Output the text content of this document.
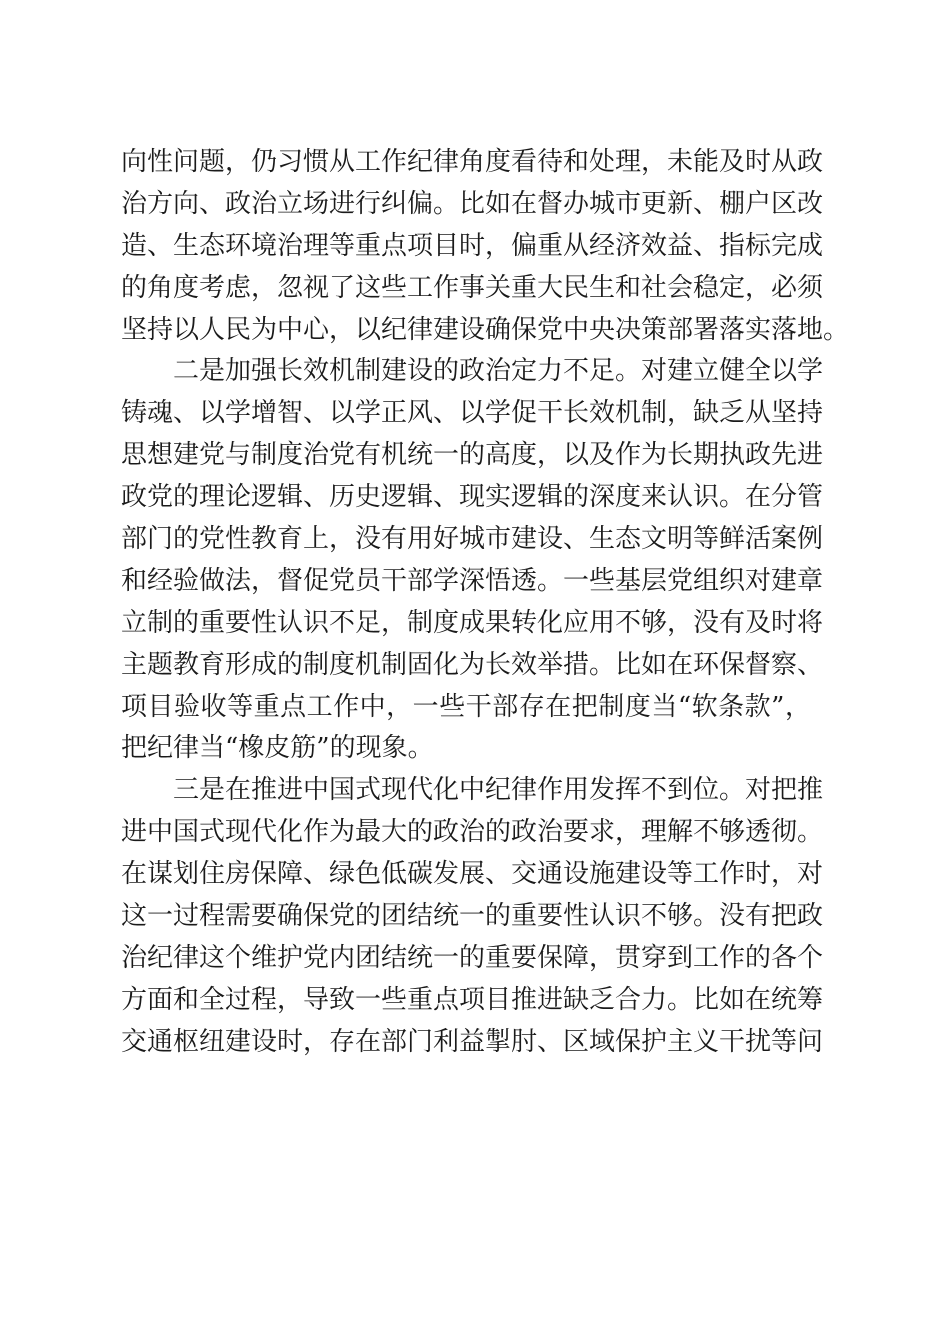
向性问题，仍习惯从工作纪律角度看待和处理，未能及时从政
治方向、政治立场进行纠偏。比如在督办城市更新、棚户区改
造、生态环境治理等重点项目时，偏重从经济效益、指标完成
的角度考虑，忽视了这些工作事关重大民生和社会稳定，必须
坚持以人民为中心，以纪律建设确保党中央决策部署落实落地。
二是加强长效机制建设的政治定力不足。对建立健全以学
铸魂、以学增智、以学正风、以学促干长效机制，缺乏从坚持
思想建党与制度治党有机统一的高度，以及作为长期执政先进
政党的理论逻辑、历史逻辑、现实逻辑的深度来认识。在分管
部门的党性教育上，没有用好城市建设、生态文明等鲜活案例
和经验做法，督促党员干部学深悟透。一些基层党组织对建章
立制的重要性认识不足，制度成果转化应用不够，没有及时将
主题教育形成的制度机制固化为长效举措。比如在环保督察、
项目验收等重点工作中，一些干部存在把制度当“软条款”，
把纪律当“橡皮筋”的现象。
三是在推进中国式现代化中纪律作用发挥不到位。对把推
进中国式现代化作为最大的政治的政治要求，理解不够透彻。
在谋划住房保障、绿色低碳发展、交通设施建设等工作时，对
这一过程需要确保党的团结统一的重要性认识不够。没有把政
治纪律这个维护党内团结统一的重要保障，贯穿到工作的各个
方面和全过程，导致一些重点项目推进缺乏合力。比如在统筹
交通枢纽建设时，存在部门利益掣肘、区域保护主义干扰等问
